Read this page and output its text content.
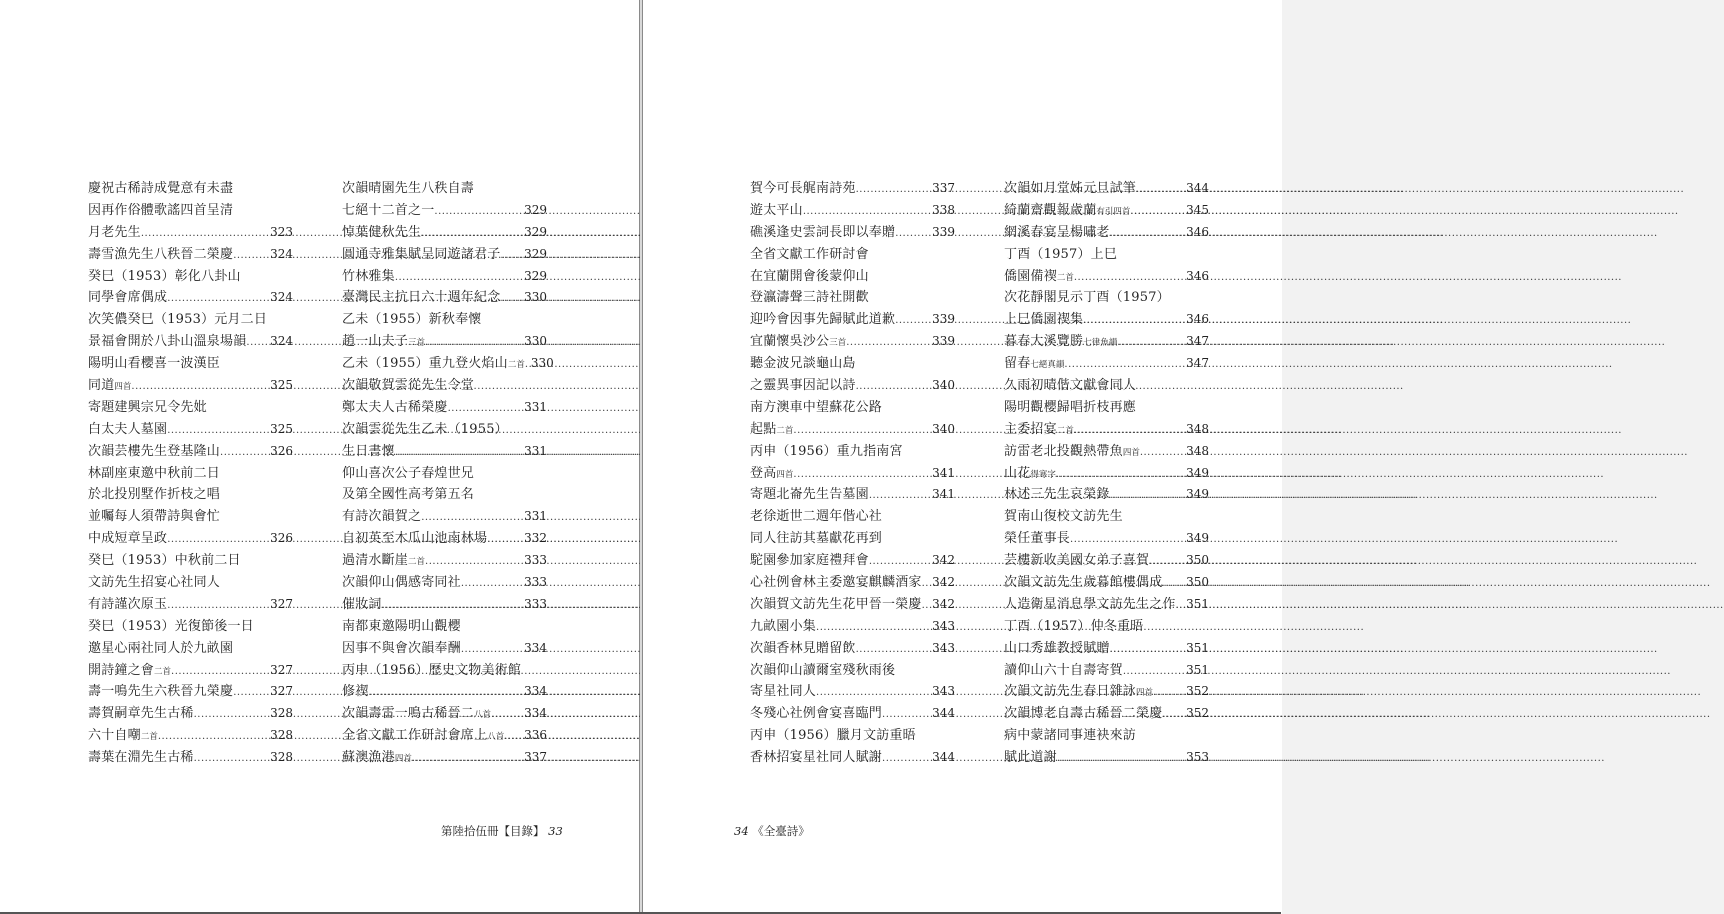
慶祝古稀詩成覺意有未盡
因再作俗體歌謠四首呈清
月老先生 .....	323
壽雪漁先生八秩晉二榮慶 .....	324
癸巳（1953）彰化八卦山
同學會席偶成 .....	324
次笑儂癸巳（1953）元月二日
景福會開於八卦山溫泉場韻 ..... 324
陽明山看櫻喜一波漢臣
同道 四首 .....	325
寄題建興宗兄令先妣
白太夫人墓園 .....	325
次韻芸樓先生登基隆山 .....	326
林副座東邀中秋前二日
於北投別墅作折枝之唱
並囑每人須帶詩與會忙
中成短章呈政 .....	326
癸巳（1953）中秋前二日
文訪先生招宴心社同人
有詩謹次原玉 .....	327
癸巳（1953）光復節後一日
邀星心兩社同人於九畝園
開詩鐘之會 二首 .....	327
壽一鳴先生六秩晉九榮慶 .....	327
壽賀嗣章先生古稀 .....	328
六十自嘲 二首 .....	328
壽葉在淵先生古稀 .....	328
次韻晴園先生八秩自壽
七絕十二首之一 .....	329
悼葉健秋先生 .....	329
圓通寺雅集賦呈同遊諸君子 ..... 329
竹林雅集 .....	329
臺灣民主抗日六十週年紀念 ..... 330
乙未（1955）新秋奉懷
趙一山夫子 三首 .....	330
乙未（1955）重九登火焰山 二首 ..... 330
次韻敬賀雲從先生令堂
鄭太夫人古稀榮慶 .....	331
次韻雲從先生乙未（1955）
生日書懷 .....	331
仰山喜次公子春煌世兄
及第全國性高考第五名
有詩次韻賀之 .....	331
自初英至木瓜山池南林場 .....	332
過清水斷崖 二首 .....	333
次韻仰山偶感寄同社 .....	333
催妝詞 .....	333
南都東邀陽明山觀櫻
因事不與會次韻奉酬 .....	334
丙申（1956）歷史文物美術館
修禊 .....	334
次韻壽雷一鳴古稀晉二 八首 .....	334
全省文獻工作研討會席上 八首 ..... 336
蘇澳漁港 四首 .....	337
第陸拾伍冊【目錄】 33
賀今可長艉南詩苑 .....	337
遊太平山 .....	338
礁溪逢史雲詞長即以奉贈 .....	339
全省文獻工作研討會
在宜蘭開會後蒙仰山
登瀛濤聲三詩社開歡
迎吟會因事先歸賦此道歉 .....	339
宜蘭懷吳沙公 三首 .....	339
聽金波兄談龜山島
之靈異事因記以詩 .....	340
南方澳車中望蘇花公路
起點 二首 .....	340
丙申（1956）重九指南宮
登高 四首 .....	341
寄題北崙先生告墓園 .....	341
老徐逝世二週年偕心社
同人往訪其墓獻花再到
駝園參加家庭禮拜會 .....	342
心社例會林主委邀宴麒麟酒家 ..... 342
次韻賀文訪先生花甲晉一榮慶 ..... 342
九畝園小集 .....	343
次韻香林見贈留飲 .....	343
次韻仰山讀爾室殘秋雨後
寄星社同人 .....	343
冬殘心社例會宴喜臨門 .....	344
丙申（1956）臘月文訪重晤
香林招宴星社同人賦謝 .....	344
次韻如月堂姊元旦試筆 .....	344
綺蘭齋觀報歲蘭 有引四首 .....	345
網溪春宴呈楊嘯老 .....	346
丁酉（1957）上巳
僑園備禊 二首 .....	346
次花靜閣見示丁酉（1957）
上巳僑園禊集 .....	346
暮春大溪覽勝 七律魚韻 .....	347
留春 七絕真韻 .....	347
久雨初晴偕文獻會同人
陽明觀櫻歸唱折枝再應
主委招宴 二首 .....	348
訪雷老北投觀熱帶魚 四首 .....	348
山花 得寒字 .....	349
林述三先生哀榮錄 .....	349
賀南山復校文訪先生
榮任董事長 .....	349
芸樓新收美國女弟子喜賀 .....	350
次韻文訪先生歲暮館樓偶成 ..... 350
人造衛星消息學文訪先生之作 ..... 351
丁酉（1957）仲冬重晤
山口秀雄教授賦贈 .....	351
讀仰山六十自壽寄賀 .....	351
次韻文訪先生春日雜詠 四首 .....	352
次韻博老自壽古稀晉二榮慶 ..... 352
病中蒙諸同事連袂來訪
賦此道謝 .....	353
34 《全臺詩》
